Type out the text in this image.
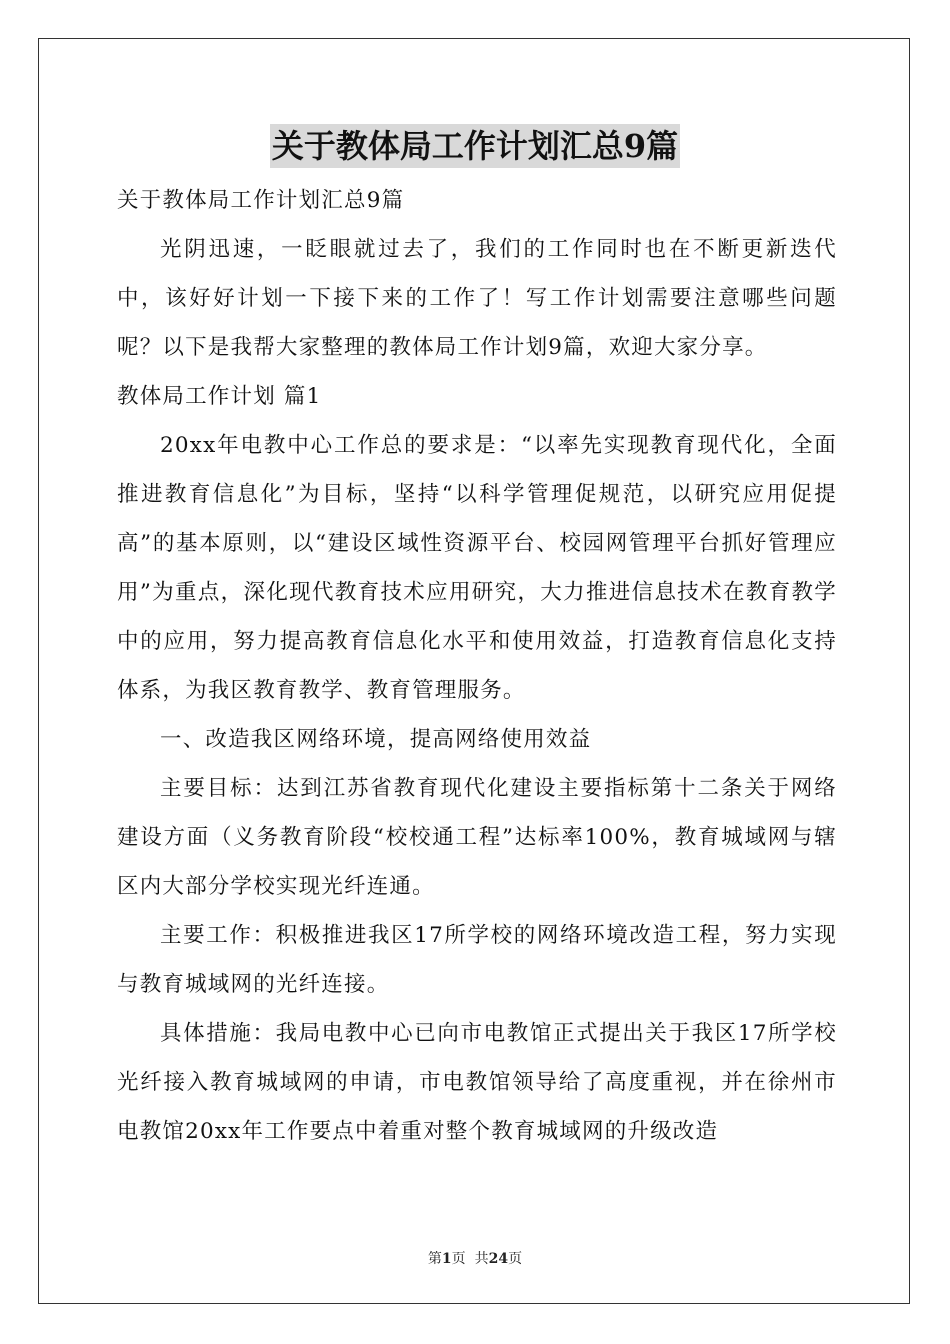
关于教体局工作计划汇总9篇

关于教体局工作计划汇总9篇

光阴迅速，一眨眼就过去了，我们的工作同时也在不断更新迭代中，该好好计划一下接下来的工作了！写工作计划需要注意哪些问题呢？以下是我帮大家整理的教体局工作计划9篇，欢迎大家分享。

教体局工作计划 篇1

20xx年电教中心工作总的要求是：“以率先实现教育现代化，全面推进教育信息化”为目标，坚持“以科学管理促规范，以研究应用促提高”的基本原则，以“建设区域性资源平台、校园网管理平台抓好管理应用”为重点，深化现代教育技术应用研究，大力推进信息技术在教育教学中的应用，努力提高教育信息化水平和使用效益，打造教育信息化支持体系，为我区教育教学、教育管理服务。

一、改造我区网络环境，提高网络使用效益

主要目标：达到江苏省教育现代化建设主要指标第十二条关于网络建设方面（义务教育阶段“校校通工程”达标率100%，教育城域网与辖区内大部分学校实现光纤连通。

主要工作：积极推进我区17所学校的网络环境改造工程，努力实现与教育城域网的光纤连接。

具体措施：我局电教中心已向市电教馆正式提出关于我区17所学校光纤接入教育城域网的申请，市电教馆领导给了高度重视，并在徐州市电教馆20xx年工作要点中着重对整个教育城域网的升级改造

第1页  共24页
